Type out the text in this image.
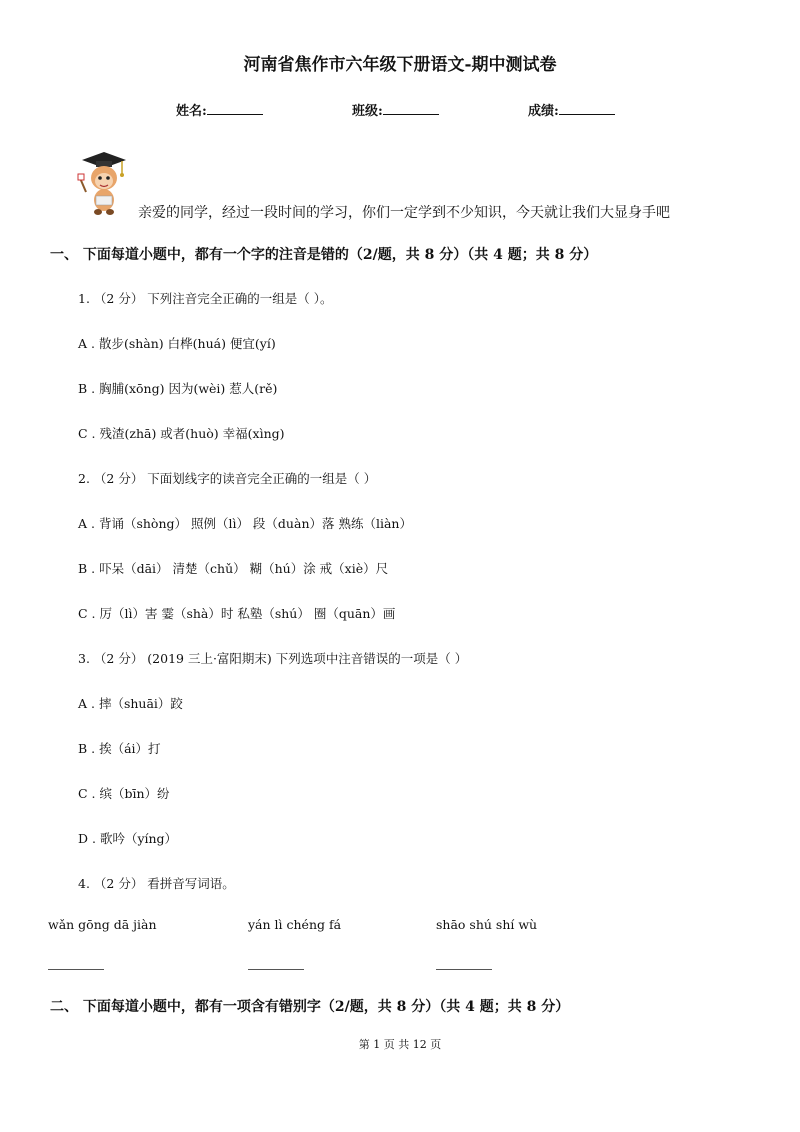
河南省焦作市六年级下册语文-期中测试卷
姓名:	班级:	成绩:
亲爱的同学，经过一段时间的学习，你们一定学到不少知识，今天就让我们大显身手吧
一、 下面每道小题中，都有一个字的注音是错的（2/题，共 8 分）（共 4 题；共 8 分）
1. （2 分） 下列注音完全正确的一组是（ ）。
A . 散步(shàn) 白桦(huá) 便宜(yí)
B . 胸脯(xōng) 因为(wèi) 惹人(rě)
C . 残渣(zhā) 或者(huò) 幸福(xìng)
2. （2 分） 下面划线字的读音完全正确的一组是（ ）
A . 背诵（shòng） 照例（lì） 段（duàn）落 熟练（liàn）
B . 吓呆（dāi） 清楚（chǔ） 糊（hú）涂 戒（xiè）尺
C . 厉（lì）害 霎（shà）时 私塾（shú） 圈（quān）画
3. （2 分） (2019 三上·富阳期末) 下列选项中注音错误的一项是（ ）
A . 摔（shuāi）跤
B . 挨（ái）打
C . 缤（bīn）纷
D . 歌吟（yíng）
4. （2 分） 看拼音写词语。
wǎn gōng dā jiàn	yán lì chéng fá	shāo shú shí wù
二、 下面每道小题中，都有一项含有错别字（2/题，共 8 分）（共 4 题；共 8 分）
第 1 页 共 12 页
